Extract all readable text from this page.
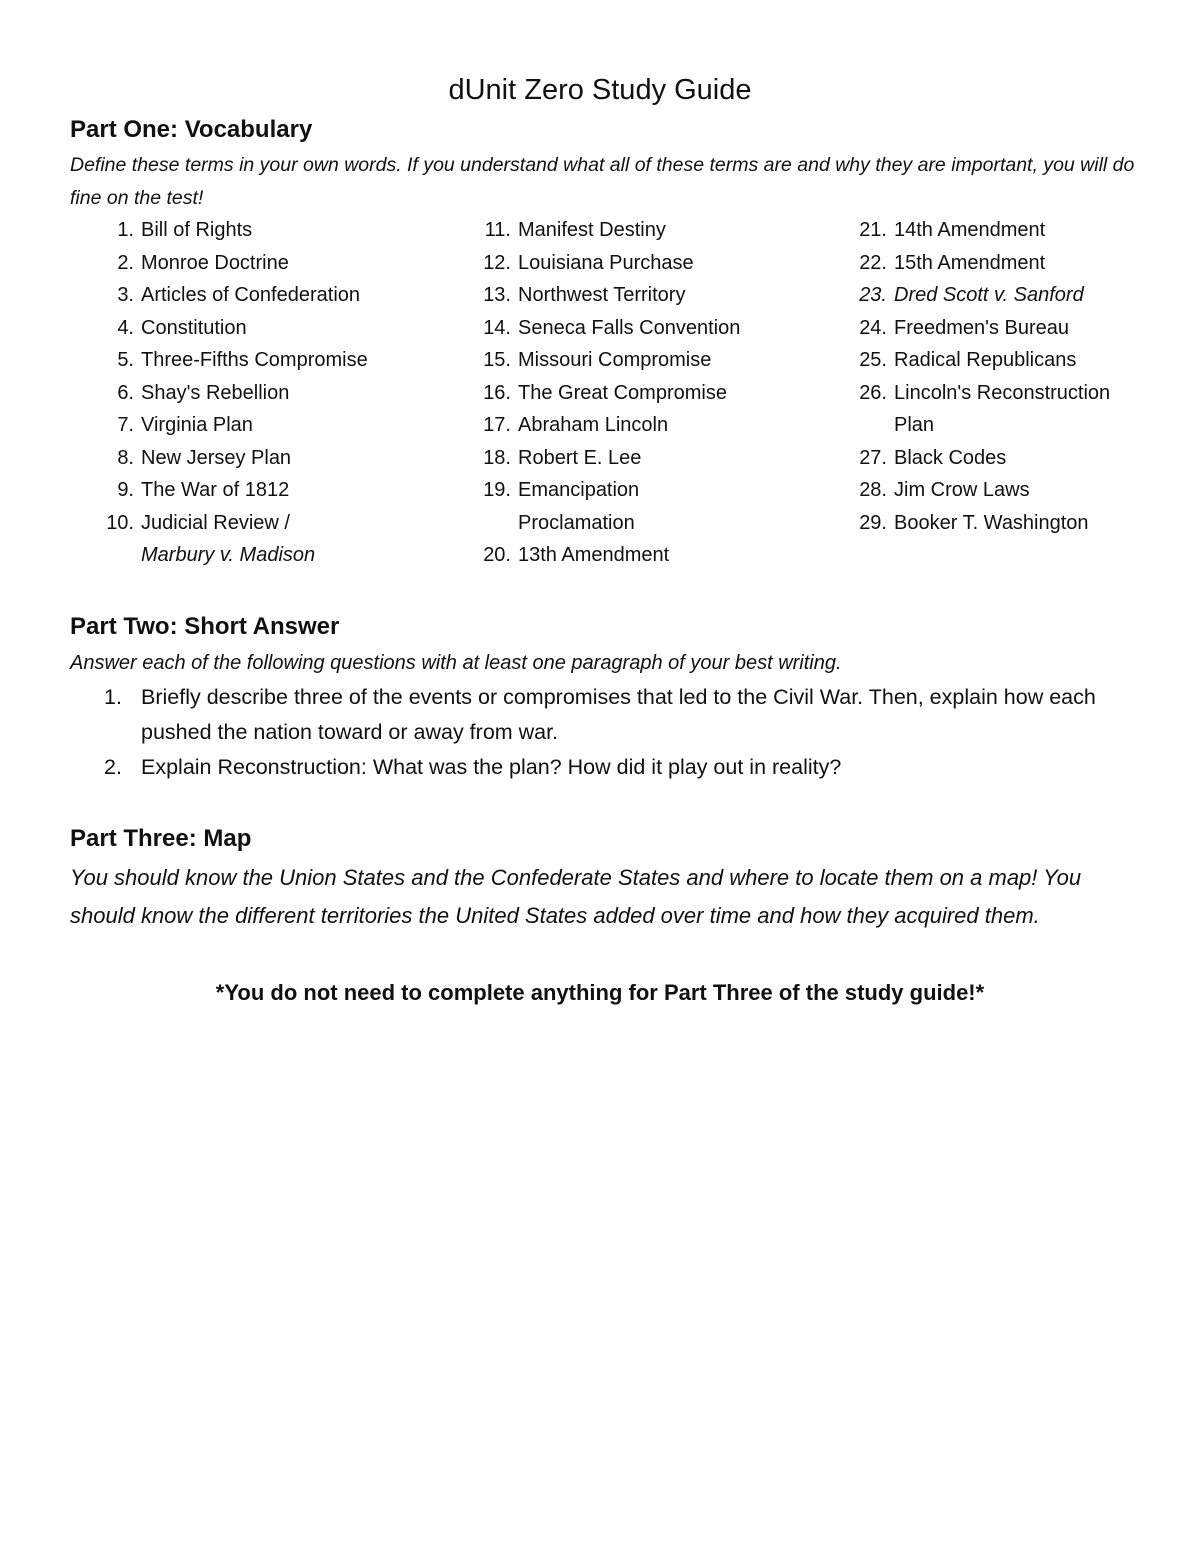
dUnit Zero Study Guide
Part One: Vocabulary

Define these terms in your own words. If you understand what all of these terms are and why they are important, you will do fine on the test!

1. Bill of Rights
2. Monroe Doctrine
3. Articles of Confederation
4. Constitution
5. Three-Fifths Compromise
6. Shay's Rebellion
7. Virginia Plan
8. New Jersey Plan
9. The War of 1812
10. Judicial Review /
Marbury v. Madison
11. Manifest Destiny
12. Louisiana Purchase
13. Northwest Territory
14. Seneca Falls Convention
15. Missouri Compromise
16. The Great Compromise
17. Abraham Lincoln
18. Robert E. Lee
19. Emancipation
Proclamation
20. 13th Amendment
21. 14th Amendment
22. 15th Amendment
23. Dred Scott v. Sanford
24. Freedmen's Bureau
25. Radical Republicans
26. Lincoln's Reconstruction
Plan
27. Black Codes
28. Jim Crow Laws
29. Booker T. Washington
Part Two: Short Answer

Answer each of the following questions with at least one paragraph of your best writing.

1. Briefly describe three of the events or compromises that led to the Civil War. Then, explain how each pushed the nation toward or away from war.
2. Explain Reconstruction: What was the plan? How did it play out in reality?
Part Three: Map

You should know the Union States and the Confederate States and where to locate them on a map! You should know the different territories the United States added over time and how they acquired them.

*You do not need to complete anything for Part Three of the study guide!*
